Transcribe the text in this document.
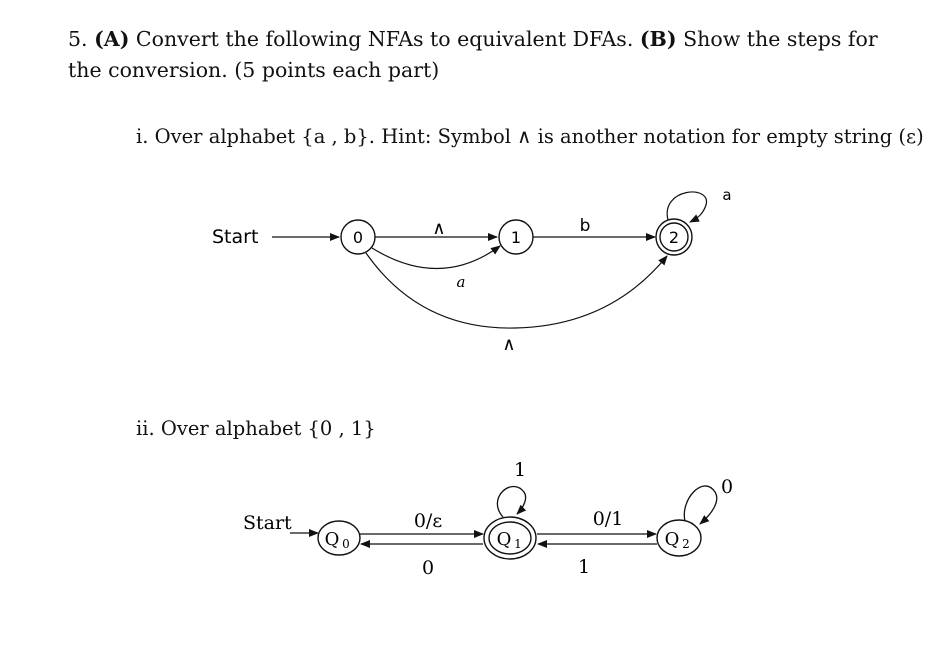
5. (A) Convert the following NFAs to equivalent DFAs. (B) Show the steps for the conversion. (5 points each part)
i. Over alphabet {a , b}. Hint: Symbol ∧ is another notation for empty string (ε)
ii. Over alphabet {0 , 1}
Start	0	1	2
∧
a
b
∧
a
Start
Q 0	Q 1	Q 2
0/ε
0
1
0/1
1
0
